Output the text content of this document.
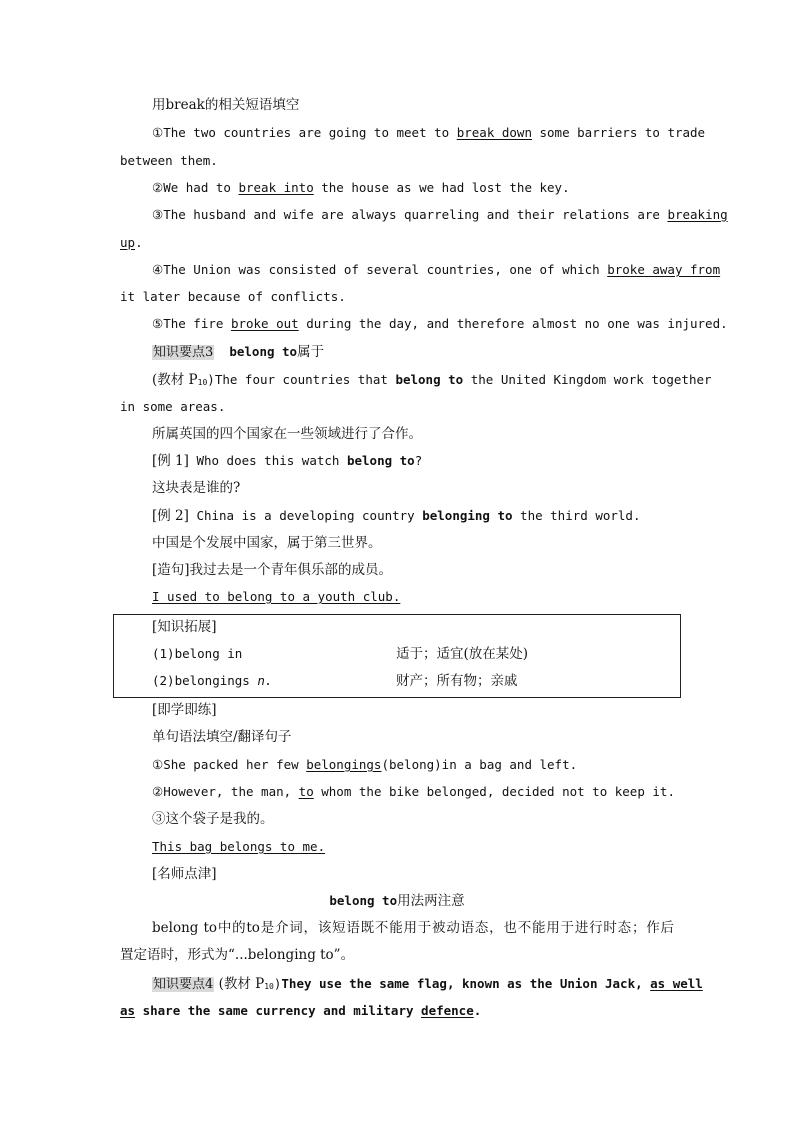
用break的相关短语填空
①The two countries are going to meet to break down some barriers to trade
between them.
②We had to break into the house as we had lost the key.
③The husband and wife are always quarreling and their relations are breaking
up.
④The Union was consisted of several countries, one of which broke away from
it later because of conflicts.
⑤The fire broke out during the day, and therefore almost no one was injured.
知识要点3 belong to属于
(教材 P10)The four countries that belong to the United Kingdom work together
in some areas.
所属英国的四个国家在一些领域进行了合作。
[例 1] Who does this watch belong to?
这块表是谁的?
[例 2] China is a developing country belonging to the third world.
中国是个发展中国家，属于第三世界。
[造句]我过去是一个青年俱乐部的成员。
I used to belong to a youth club.
[知识拓展]
(1)belong in	适于；适宜(放在某处)
(2)belongings n.	财产；所有物；亲戚
[即学即练]
单句语法填空/翻译句子
①She packed her few belongings(belong)in a bag and left.
②However, the man, to whom the bike belonged, decided not to keep it.
③这个袋子是我的。
This bag belongs to me.
[名师点津]
belong to用法两注意
belong to中的to是介词，该短语既不能用于被动语态，也不能用于进行时态；作后
置定语时，形式为“...belonging to”。
知识要点4 (教材 P10)They use the same flag, known as the Union Jack, as well
as share the same currency and military defence.
